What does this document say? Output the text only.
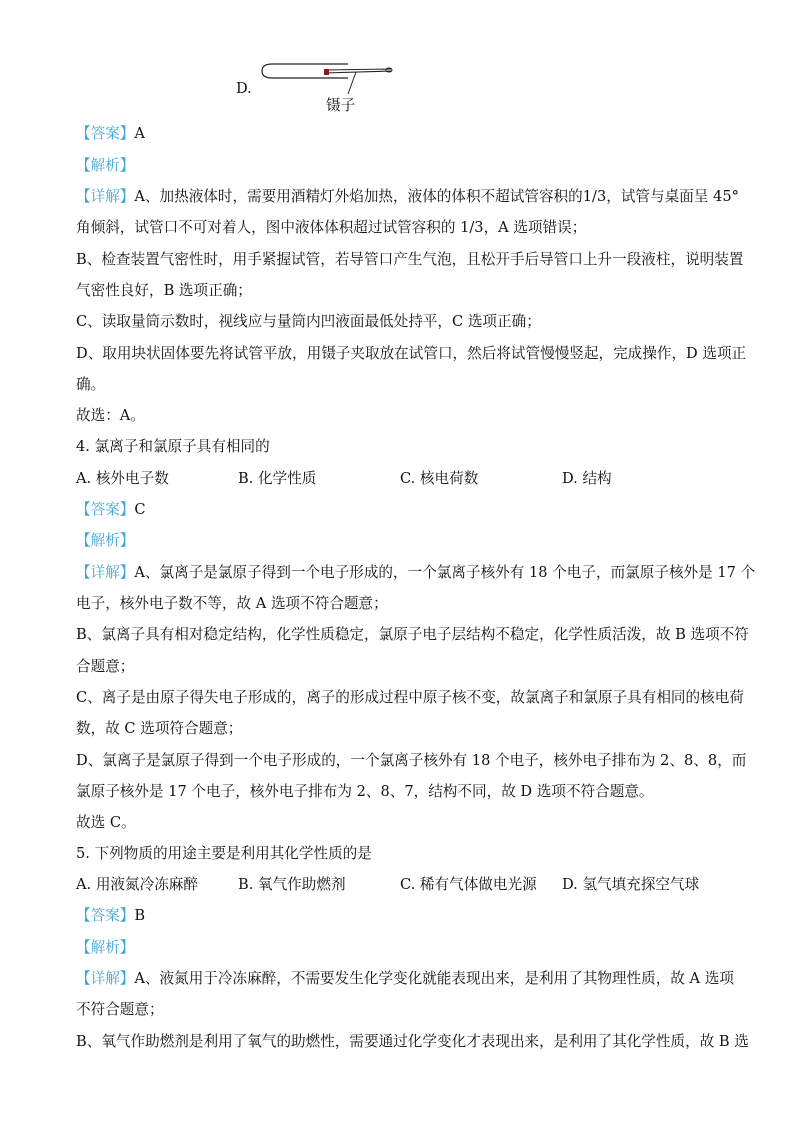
D.
镊子
【答案】A
【解析】
【详解】A、加热液体时，需要用酒精灯外焰加热，液体的体积不超试管容积的1/3，试管与桌面呈 45°
角倾斜，试管口不可对着人，图中液体体积超过试管容积的 1/3，A 选项错误；
B、检查装置气密性时，用手紧握试管，若导管口产生气泡，且松开手后导管口上升一段液柱，说明装置
气密性良好，B 选项正确；
C、读取量筒示数时，视线应与量筒内凹液面最低处持平，C 选项正确；
D、取用块状固体要先将试管平放，用镊子夹取放在试管口，然后将试管慢慢竖起，完成操作，D 选项正
确。
故选：A。
4. 氯离子和氯原子具有相同的
A. 核外电子数	B. 化学性质	C. 核电荷数	D. 结构
【答案】C
【解析】
【详解】A、氯离子是氯原子得到一个电子形成的，一个氯离子核外有 18 个电子，而氯原子核外是 17 个
电子，核外电子数不等，故 A 选项不符合题意；
B、氯离子具有相对稳定结构，化学性质稳定，氯原子电子层结构不稳定，化学性质活泼，故 B 选项不符
合题意；
C、离子是由原子得失电子形成的，离子的形成过程中原子核不变，故氯离子和氯原子具有相同的核电荷
数，故 C 选项符合题意；
D、氯离子是氯原子得到一个电子形成的，一个氯离子核外有 18 个电子，核外电子排布为 2、8、8，而
氯原子核外是 17 个电子，核外电子排布为 2、8、7，结构不同，故 D 选项不符合题意。
故选 C。
5. 下列物质的用途主要是利用其化学性质的是
A. 用液氮冷冻麻醉	B. 氧气作助燃剂	C. 稀有气体做电光源 D. 氢气填充探空气球
【答案】B
【解析】
【详解】A、液氮用于冷冻麻醉，不需要发生化学变化就能表现出来，是利用了其物理性质，故 A 选项
不符合题意；
B、氧气作助燃剂是利用了氧气的助燃性，需要通过化学变化才表现出来，是利用了其化学性质，故 B 选
